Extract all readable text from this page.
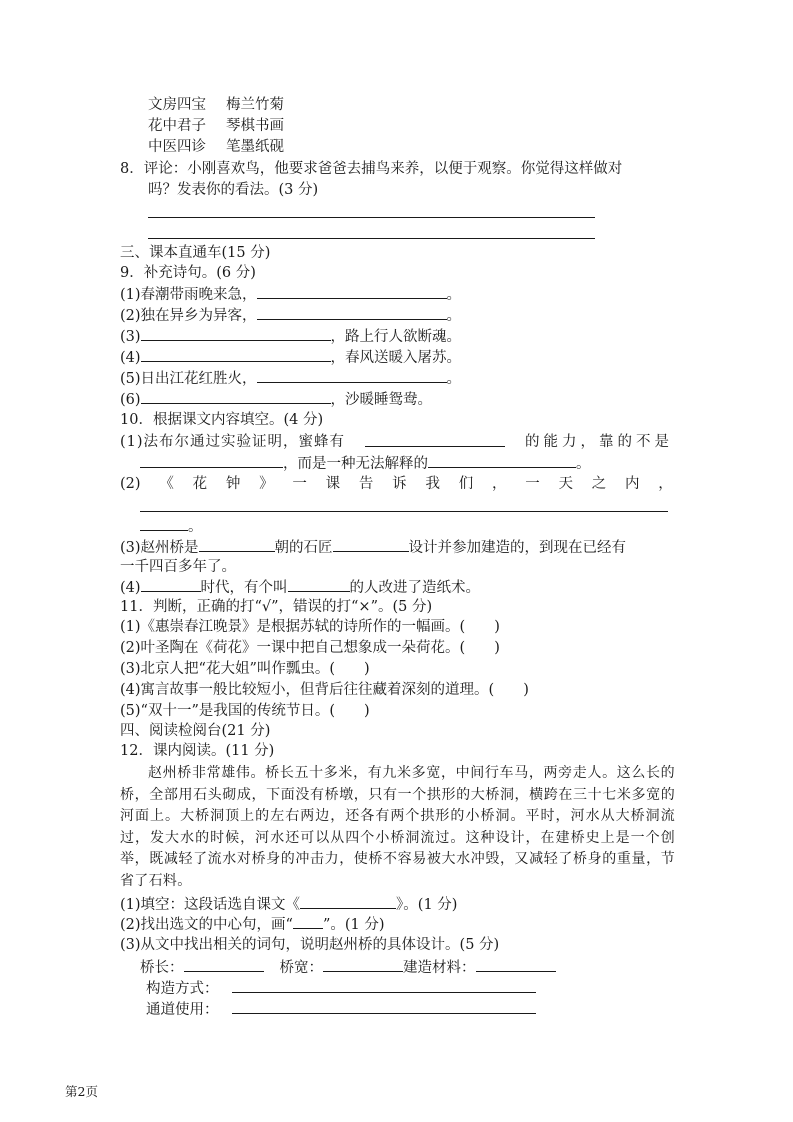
文房四宝 梅兰竹菊
花中君子 琴棋书画
中医四诊 笔墨纸砚
8．评论：小刚喜欢鸟，他要求爸爸去捕鸟来养，以便于观察。你觉得这样做对
吗？发表你的看法。(3 分)
三、课本直通车(15 分)
9．补充诗句。(6 分)
(1)春潮带雨晚来急，	。
(2)独在异乡为异客，	。
(3)	，路上行人欲断魂。
(4)	，春风送暖入屠苏。
(5)日出江花红胜火，	。
(6)	，沙暖睡鸳鸯。
10．根据课文内容填空。(4 分)
(1)法布尔通过实验证明，蜜蜂有	的能力，靠的不是
，而是一种无法解释的	。
(2) 《 花 钟 》 一 课 告 诉 我 们 ， 一 天 之 内 ，
。
(3)赵州桥是	朝的石匠	设计并参加建造的，到现在已经有
一千四百多年了。
(4)	时代，有个叫	的人改进了造纸术。
11．判断，正确的打“√”，错误的打“×”。(5 分)
(1)《惠崇春江晚景》是根据苏轼的诗所作的一幅画。(　　)
(2)叶圣陶在《荷花》一课中把自己想象成一朵荷花。(　　)
(3)北京人把“花大姐”叫作瓢虫。(　　)
(4)寓言故事一般比较短小，但背后往往藏着深刻的道理。(　　)
(5)“双十一”是我国的传统节日。(　　)
四、阅读检阅台(21 分)
12．课内阅读。(11 分)

赵州桥非常雄伟。桥长五十多米，有九米多宽，中间行车马，两旁走人。这么长的桥，全部用石头砌成，下面没有桥墩，只有一个拱形的大桥洞，横跨在三十七米多宽的河面上。大桥洞顶上的左右两边，还各有两个拱形的小桥洞。平时，河水从大桥洞流过，发大水的时候，河水还可以从四个小桥洞流过。这种设计，在建桥史上是一个创举，既减轻了流水对桥身的冲击力，使桥不容易被大水冲毁，又减轻了桥身的重量，节省了石料。

(1)填空：这段话选自课文《	》。(1 分)
(2)找出选文的中心句，画“ ”。(1 分)
(3)从文中找出相关的词句，说明赵州桥的具体设计。(5 分)
桥长：	桥宽：	建造材料：
构造方式：
通道使用：
第2页
